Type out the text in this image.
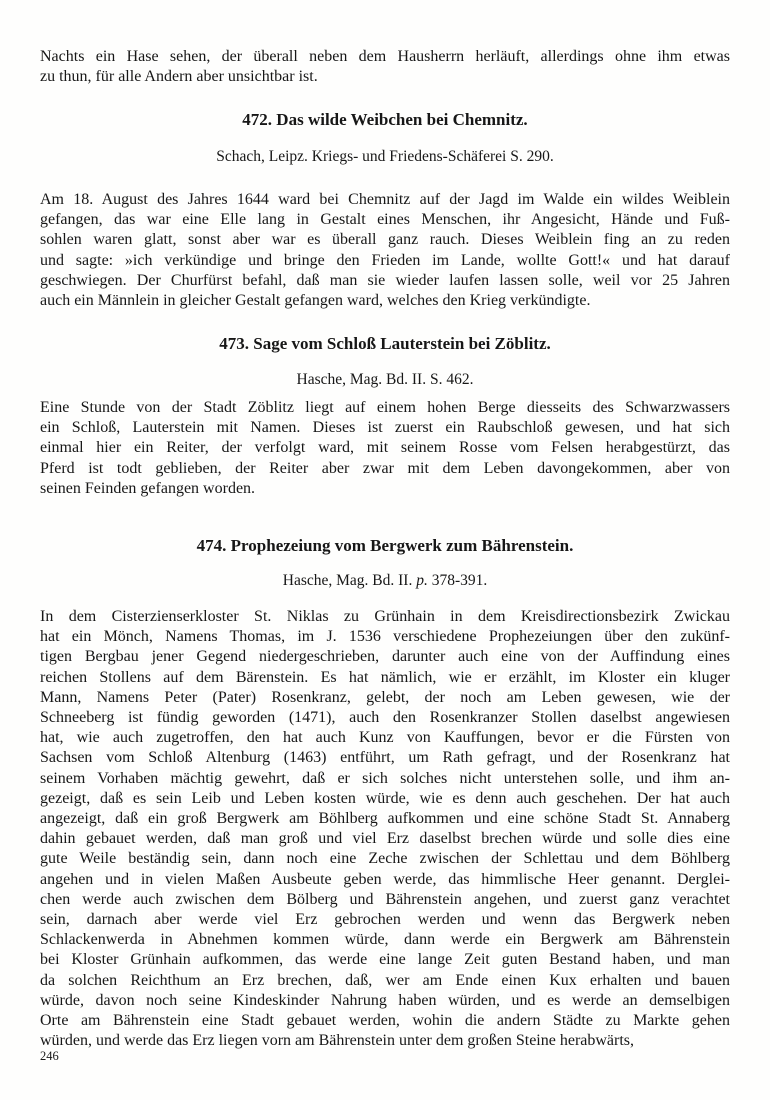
Nachts ein Hase sehen, der überall neben dem Hausherrn herläuft, allerdings ohne ihm etwas
zu thun, für alle Andern aber unsichtbar ist.
472. Das wilde Weibchen bei Chemnitz.
Schach, Leipz. Kriegs- und Friedens-Schäferei S. 290.
Am 18. August des Jahres 1644 ward bei Chemnitz auf der Jagd im Walde ein wildes Weiblein
gefangen, das war eine Elle lang in Gestalt eines Menschen, ihr Angesicht, Hände und Fuß-
sohlen waren glatt, sonst aber war es überall ganz rauch. Dieses Weiblein fing an zu reden
und sagte: »ich verkündige und bringe den Frieden im Lande, wollte Gott!« und hat darauf
geschwiegen. Der Churfürst befahl, daß man sie wieder laufen lassen solle, weil vor 25 Jahren
auch ein Männlein in gleicher Gestalt gefangen ward, welches den Krieg verkündigte.
473. Sage vom Schloß Lauterstein bei Zöblitz.
Hasche, Mag. Bd. II. S. 462.
Eine Stunde von der Stadt Zöblitz liegt auf einem hohen Berge diesseits des Schwarzwassers
ein Schloß, Lauterstein mit Namen. Dieses ist zuerst ein Raubschloß gewesen, und hat sich
einmal hier ein Reiter, der verfolgt ward, mit seinem Rosse vom Felsen herabgestürzt, das
Pferd ist todt geblieben, der Reiter aber zwar mit dem Leben davongekommen, aber von
seinen Feinden gefangen worden.
474. Prophezeiung vom Bergwerk zum Bährenstein.
Hasche, Mag. Bd. II. p. 378-391.
In dem Cisterzienserkloster St. Niklas zu Grünhain in dem Kreisdirectionsbezirk Zwickau
hat ein Mönch, Namens Thomas, im J. 1536 verschiedene Prophezeiungen über den zukünf-
tigen Bergbau jener Gegend niedergeschrieben, darunter auch eine von der Auffindung eines
reichen Stollens auf dem Bärenstein. Es hat nämlich, wie er erzählt, im Kloster ein kluger
Mann, Namens Peter (Pater) Rosenkranz, gelebt, der noch am Leben gewesen, wie der
Schneeberg ist fündig geworden (1471), auch den Rosenkranzer Stollen daselbst angewiesen
hat, wie auch zugetroffen, den hat auch Kunz von Kauffungen, bevor er die Fürsten von
Sachsen vom Schloß Altenburg (1463) entführt, um Rath gefragt, und der Rosenkranz hat
seinem Vorhaben mächtig gewehrt, daß er sich solches nicht unterstehen solle, und ihm an-
gezeigt, daß es sein Leib und Leben kosten würde, wie es denn auch geschehen. Der hat auch
angezeigt, daß ein groß Bergwerk am Böhlberg aufkommen und eine schöne Stadt St. Annaberg
dahin gebauet werden, daß man groß und viel Erz daselbst brechen würde und solle dies eine
gute Weile beständig sein, dann noch eine Zeche zwischen der Schlettau und dem Böhlberg
angehen und in vielen Maßen Ausbeute geben werde, das himmlische Heer genannt. Derglei-
chen werde auch zwischen dem Bölberg und Bährenstein angehen, und zuerst ganz verachtet
sein, darnach aber werde viel Erz gebrochen werden und wenn das Bergwerk neben
Schlackenwerda in Abnehmen kommen würde, dann werde ein Bergwerk am Bährenstein
bei Kloster Grünhain aufkommen, das werde eine lange Zeit guten Bestand haben, und man
da solchen Reichthum an Erz brechen, daß, wer am Ende einen Kux erhalten und bauen
würde, davon noch seine Kindeskinder Nahrung haben würden, und es werde an demselbigen
Orte am Bährenstein eine Stadt gebauet werden, wohin die andern Städte zu Markte gehen
würden, und werde das Erz liegen vorn am Bährenstein unter dem großen Steine herabwärts,
246
